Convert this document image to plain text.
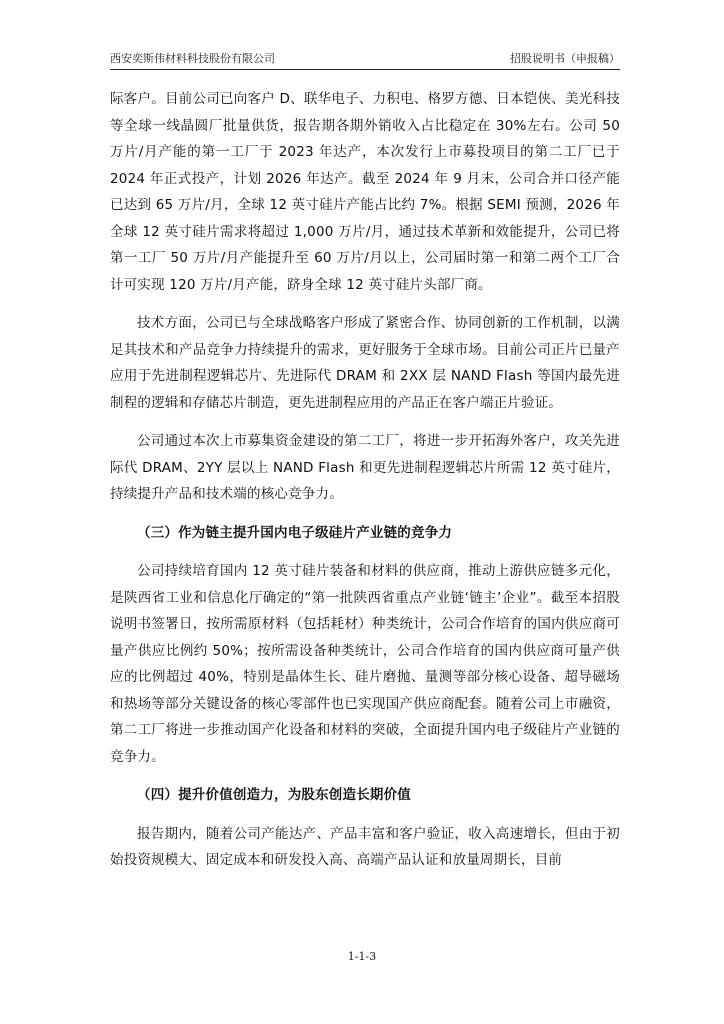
西安奕斯伟材料科技股份有限公司	招股说明书（申报稿）

际客户。目前公司已向客户 D、联华电子、力积电、格罗方德、日本铠侠、美光科技等全球一线晶圆厂批量供货，报告期各期外销收入占比稳定在 30%左右。公司 50 万片/月产能的第一工厂于 2023 年达产，本次发行上市募投项目的第二工厂已于 2024 年正式投产，计划 2026 年达产。截至 2024 年 9 月末，公司合并口径产能已达到 65 万片/月，全球 12 英寸硅片产能占比约 7%。根据 SEMI 预测，2026 年全球 12 英寸硅片需求将超过 1,000 万片/月，通过技术革新和效能提升，公司已将第一工厂 50 万片/月产能提升至 60 万片/月以上，公司届时第一和第二两个工厂合计可实现 120 万片/月产能，跻身全球 12 英寸硅片头部厂商。

技术方面，公司已与全球战略客户形成了紧密合作、协同创新的工作机制，以满足其技术和产品竞争力持续提升的需求，更好服务于全球市场。目前公司正片已量产应用于先进制程逻辑芯片、先进际代 DRAM 和 2XX 层 NAND Flash 等国内最先进制程的逻辑和存储芯片制造，更先进制程应用的产品正在客户端正片验证。

公司通过本次上市募集资金建设的第二工厂，将进一步开拓海外客户，攻关先进际代 DRAM、2YY 层以上 NAND Flash 和更先进制程逻辑芯片所需 12 英寸硅片，持续提升产品和技术端的核心竞争力。

（三）作为链主提升国内电子级硅片产业链的竞争力

公司持续培育国内 12 英寸硅片装备和材料的供应商，推动上游供应链多元化，是陕西省工业和信息化厅确定的“第一批陕西省重点产业链‘链主’企业”。截至本招股说明书签署日，按所需原材料（包括耗材）种类统计，公司合作培育的国内供应商可量产供应比例约 50%；按所需设备种类统计，公司合作培育的国内供应商可量产供应的比例超过 40%，特别是晶体生长、硅片磨抛、量测等部分核心设备、超导磁场和热场等部分关键设备的核心零部件也已实现国产供应商配套。随着公司上市融资，第二工厂将进一步推动国产化设备和材料的突破，全面提升国内电子级硅片产业链的竞争力。

（四）提升价值创造力，为股东创造长期价值

报告期内，随着公司产能达产、产品丰富和客户验证，收入高速增长，但由于初始投资规模大、固定成本和研发投入高、高端产品认证和放量周期长，目前

1-1-3
